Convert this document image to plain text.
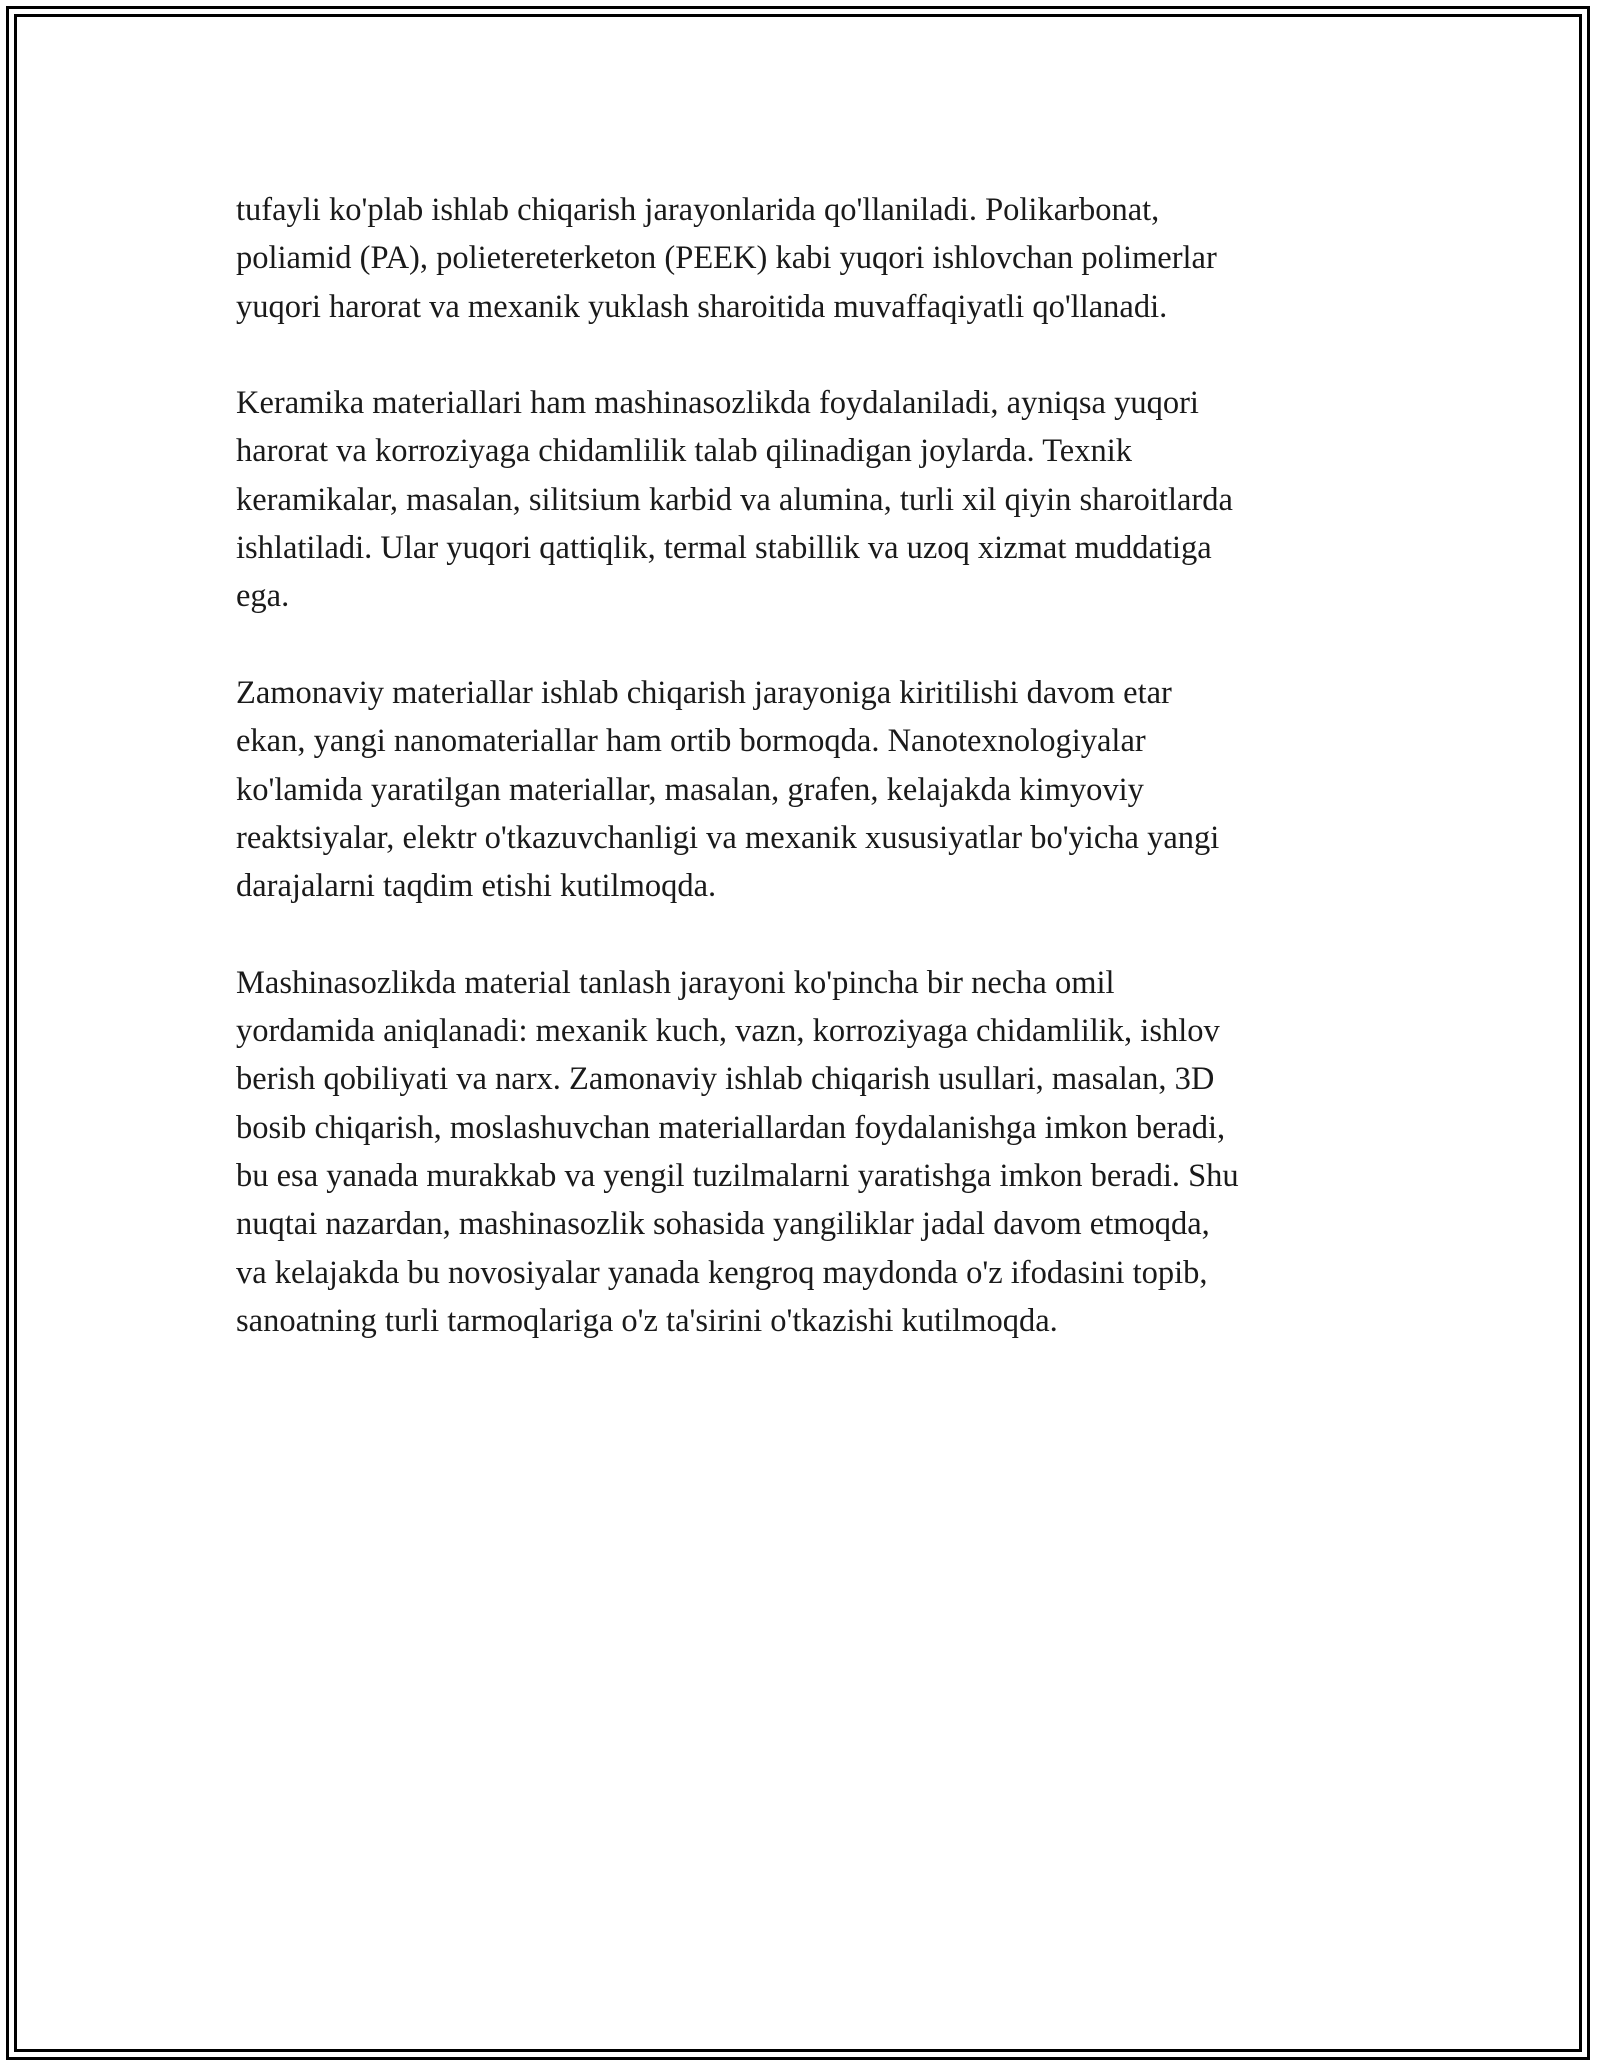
tufayli ko'plab ishlab chiqarish jarayonlarida qo'llaniladi. Polikarbonat,
poliamid (PA), polietereterketon (PEEK) kabi yuqori ishlovchan polimerlar
yuqori harorat va mexanik yuklash sharoitida muvaffaqiyatli qo'llanadi.

Keramika materiallari ham mashinasozlikda foydalaniladi, ayniqsa yuqori
harorat va korroziyaga chidamlilik talab qilinadigan joylarda. Texnik
keramikalar, masalan, silitsium karbid va alumina, turli xil qiyin sharoitlarda
ishlatiladi. Ular yuqori qattiqlik, termal stabillik va uzoq xizmat muddatiga
ega.

Zamonaviy materiallar ishlab chiqarish jarayoniga kiritilishi davom etar
ekan, yangi nanomateriallar ham ortib bormoqda. Nanotexnologiyalar
ko'lamida yaratilgan materiallar, masalan, grafen, kelajakda kimyoviy
reaktsiyalar, elektr o'tkazuvchanligi va mexanik xususiyatlar bo'yicha yangi
darajalarni taqdim etishi kutilmoqda.

Mashinasozlikda material tanlash jarayoni ko'pincha bir necha omil
yordamida aniqlanadi: mexanik kuch, vazn, korroziyaga chidamlilik, ishlov
berish qobiliyati va narx. Zamonaviy ishlab chiqarish usullari, masalan, 3D
bosib chiqarish, moslashuvchan materiallardan foydalanishga imkon beradi,
bu esa yanada murakkab va yengil tuzilmalarni yaratishga imkon beradi. Shu
nuqtai nazardan, mashinasozlik sohasida yangiliklar jadal davom etmoqda,
va kelajakda bu novosiyalar yanada kengroq maydonda o'z ifodasini topib,
sanoatning turli tarmoqlariga o'z ta'sirini o'tkazishi kutilmoqda.
